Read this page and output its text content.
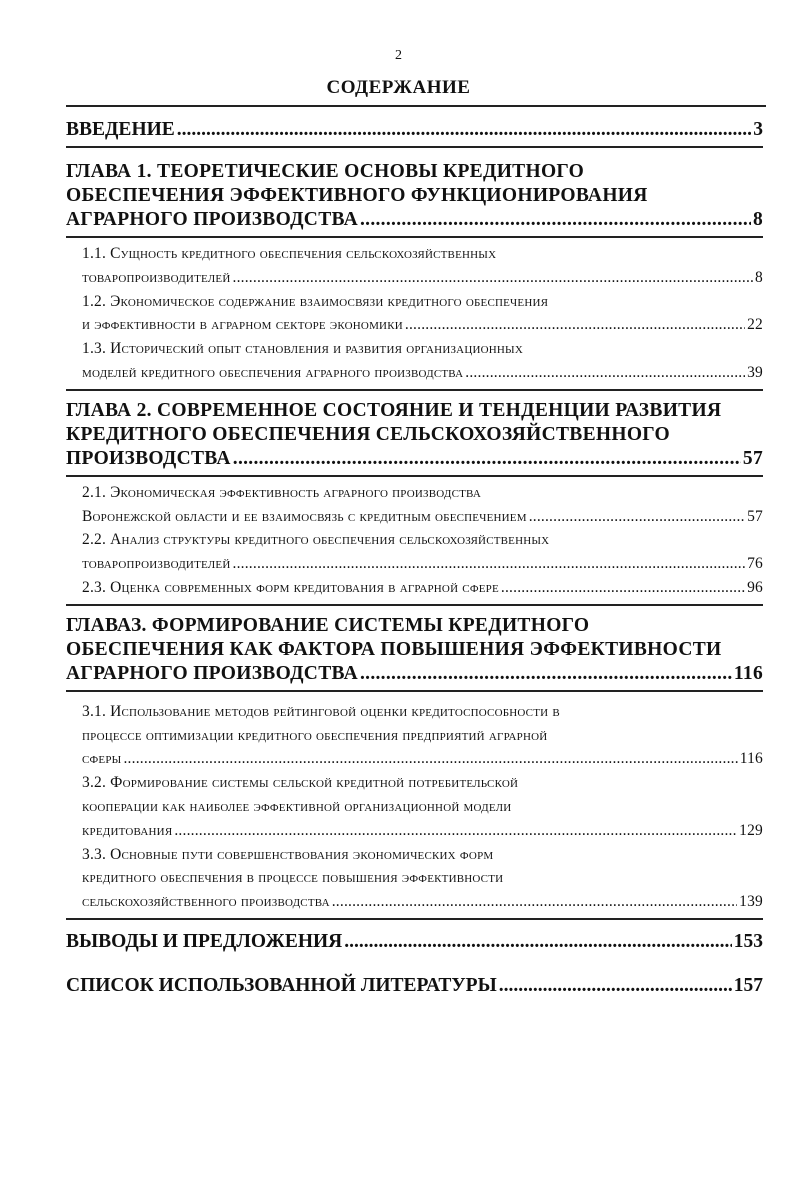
2
СОДЕРЖАНИЕ
ВВЕДЕНИЕ .....	3
ГЛАВА 1. ТЕОРЕТИЧЕСКИЕ ОСНОВЫ КРЕДИТНОГО
ОБЕСПЕЧЕНИЯ ЭФФЕКТИВНОГО ФУНКЦИОНИРОВАНИЯ
АГРАРНОГО ПРОИЗВОДСТВА .....	8
1.1. Сущность кредитного обеспечения сельскохозяйственных
товаропроизводителей .....	8
1.2. Экономическое содержание взаимосвязи кредитного обеспечения
и эффективности в аграрном секторе экономики .....	22
1.3. Исторический опыт становления и развития организационных
моделей кредитного обеспечения аграрного производства .....	39
ГЛАВА 2. СОВРЕМЕННОЕ СОСТОЯНИЕ И ТЕНДЕНЦИИ РАЗВИТИЯ
КРЕДИТНОГО ОБЕСПЕЧЕНИЯ СЕЛЬСКОХОЗЯЙСТВЕННОГО
ПРОИЗВОДСТВА .....	57
2.1. Экономическая эффективность аграрного производства
Воронежской области и ее взаимосвязь с кредитным обеспечением .....	57
2.2. Анализ структуры кредитного обеспечения сельскохозяйственных
товаропроизводителей .....	76
2.3. Оценка современных форм кредитования в аграрной сфере .....	96
ГЛАВАЗ. ФОРМИРОВАНИЕ СИСТЕМЫ КРЕДИТНОГО
ОБЕСПЕЧЕНИЯ КАК ФАКТОРА ПОВЫШЕНИЯ ЭФФЕКТИВНОСТИ
АГРАРНОГО ПРОИЗВОДСТВА .....	116
3.1. Использование методов рейтинговой оценки кредитоспособности в
процессе оптимизации кредитного обеспечения предприятий аграрной
сферы .....	116
3.2. Формирование системы сельской кредитной потребительской
кооперации как наиболее эффективной организационной модели
кредитования .....	129
3.3. Основные пути совершенствования экономических форм
кредитного обеспечения в процессе повышения эффективности
сельскохозяйственного производства .....	139
ВЫВОДЫ И ПРЕДЛОЖЕНИЯ .....	153
СПИСОК ИСПОЛЬЗОВАННОЙ ЛИТЕРАТУРЫ .....	157
